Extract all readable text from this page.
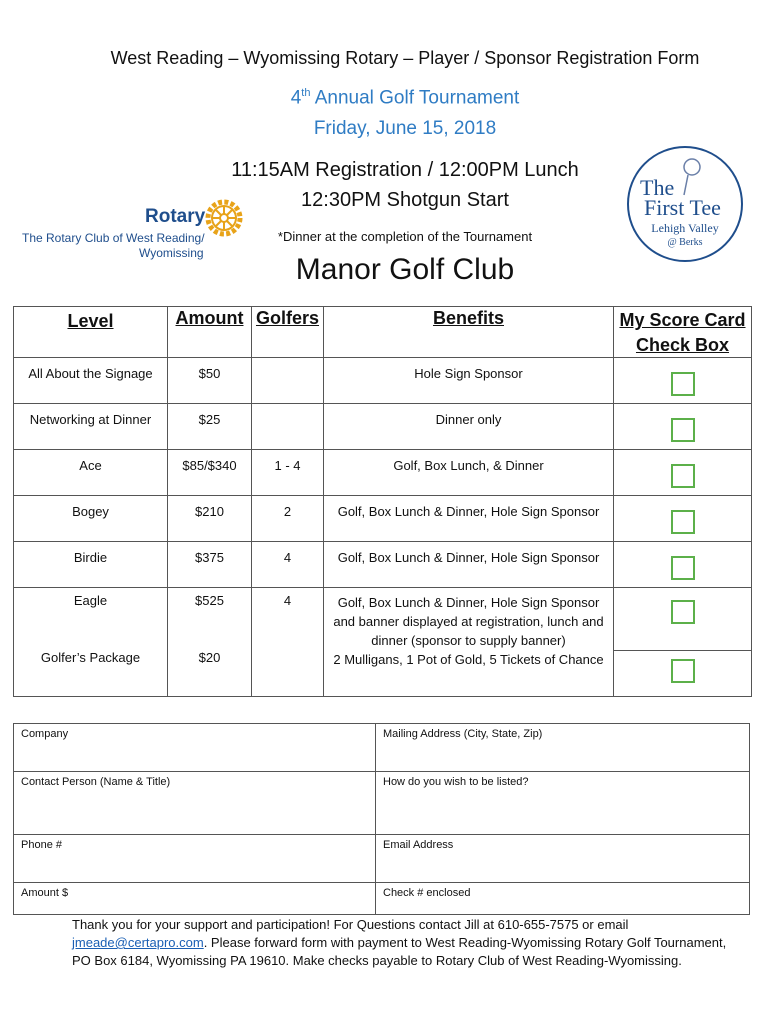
West Reading – Wyomissing Rotary – Player / Sponsor Registration Form
4th Annual Golf Tournament
Friday, June 15, 2018
11:15AM Registration / 12:00PM Lunch
12:30PM Shotgun Start
*Dinner at the completion of the Tournament
Manor Golf Club
Rotary
The Rotary Club of West Reading/
Wyomissing
The
First Tee
Lehigh Valley
@ Berks
Level	Amount	Golfers	Benefits	My Score Card
Check Box

All About the Signage	$50		Hole Sign Sponsor	

Networking at Dinner	$25		Dinner only	

Ace	$85/$340	1 - 4	Golf, Box Lunch, & Dinner	

Bogey	$210	2	Golf, Box Lunch & Dinner, Hole Sign Sponsor	

Birdie	$375	4	Golf, Box Lunch & Dinner, Hole Sign Sponsor	

Eagle	$525	4	Golf, Box Lunch & Dinner, Hole Sign Sponsor and banner displayed at registration, lunch and dinner (sponsor to supply banner)	

Golfer’s Package	$20		2 Mulligans, 1 Pot of Gold, 5 Tickets of Chance	

Company	Mailing Address (City, State, Zip)
Contact Person (Name & Title)	How do you wish to be listed?
Phone #	Email Address
Amount $	Check # enclosed
Thank you for your support and participation! For Questions contact Jill at 610-655-7575 or email
jmeade@certapro.com. Please forward form with payment to West Reading-Wyomissing Rotary Golf Tournament,
PO Box 6184, Wyomissing PA 19610. Make checks payable to Rotary Club of West Reading-Wyomissing.
